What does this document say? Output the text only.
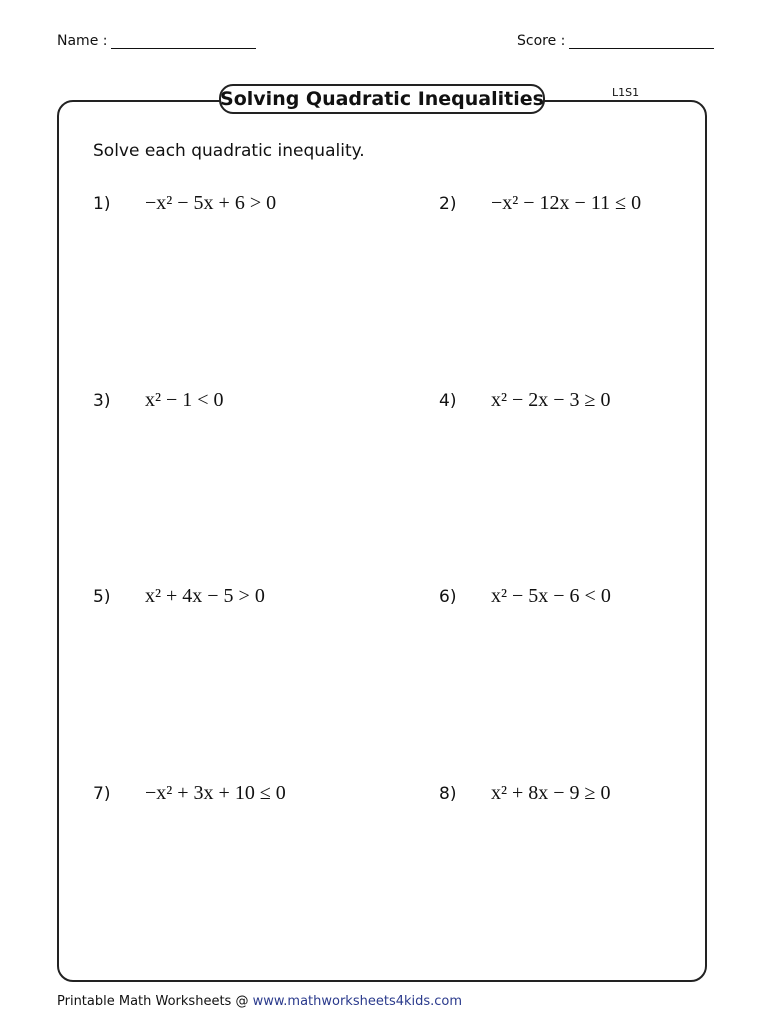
Name :	Score :
Solving Quadratic Inequalities	L1S1
Solve each quadratic inequality.
1)	−x² − 5x + 6 > 0	2)	−x² − 12x − 11 ≤ 0
3)	x² − 1 < 0	4)	x² − 2x − 3 ≥ 0
5)	x² + 4x − 5 > 0	6)	x² − 5x − 6 < 0
7)	−x² + 3x + 10 ≤ 0	8)	x² + 8x − 9 ≥ 0
Printable Math Worksheets @ www.mathworksheets4kids.com
